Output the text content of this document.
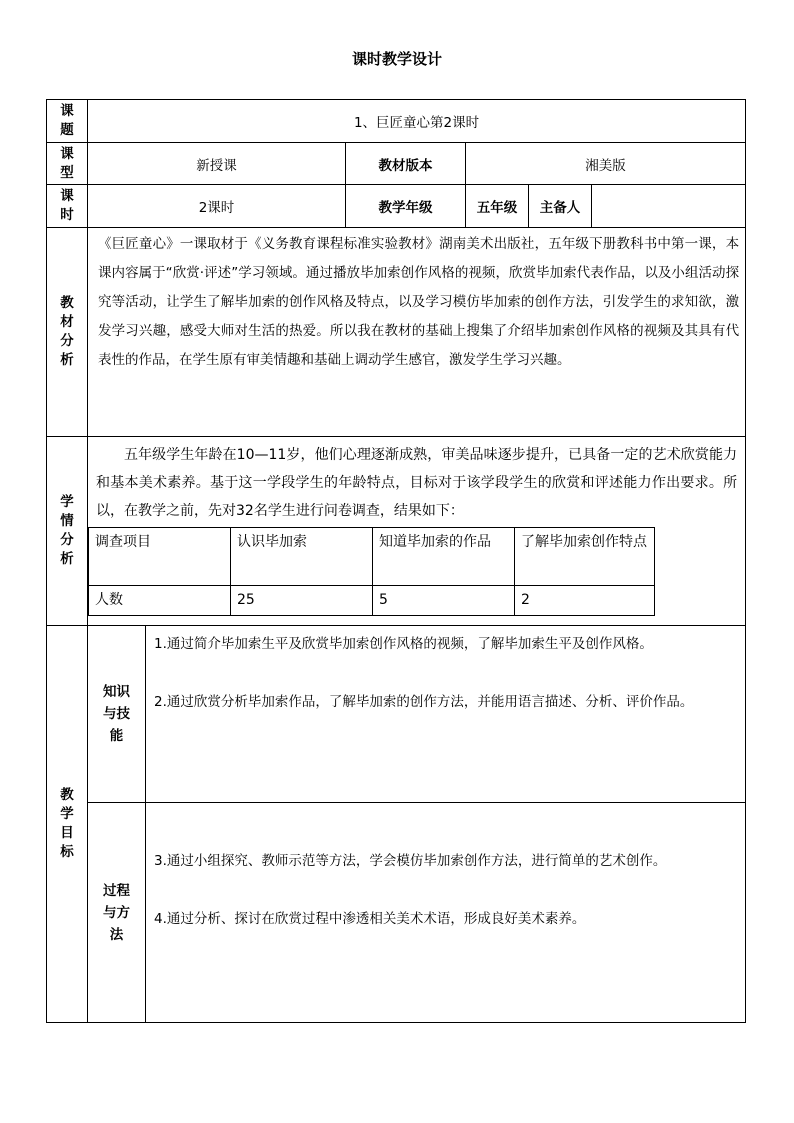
课时教学设计
课题	1、巨匠童心第2课时
课型	新授课	教材版本	湘美版
课时	2课时	教学年级	五年级	主备人	
教材分析	《巨匠童心》一课取材于《义务教育课程标准实验教材》湖南美术出版社，五年级下册教科书中第一课，本课内容属于“欣赏·评述”学习领域。通过播放毕加索创作风格的视频，欣赏毕加索代表作品，以及小组活动探究等活动，让学生了解毕加索的创作风格及特点，以及学习模仿毕加索的创作方法，引发学生的求知欲，激发学习兴趣，感受大师对生活的热爱。所以我在教材的基础上搜集了介绍毕加索创作风格的视频及其具有代表性的作品，在学生原有审美情趣和基础上调动学生感官，激发学生学习兴趣。
学情分析	
五年级学生年龄在10—11岁，他们心理逐渐成熟，审美品味逐步提升，已具备一定的艺术欣赏能力和基本美术素养。基于这一学段学生的年龄特点，目标对于该学段学生的欣赏和评述能力作出要求。所以，在教学之前，先对32名学生进行问卷调查，结果如下：
调查项目	认识毕加索	知道毕加索的作品	了解毕加索创作特点
人数	25	5	2

教学目标	知识与技能	

1.通过简介毕加索生平及欣赏毕加索创作风格的视频，了解毕加索生平及创作风格。

2.通过欣赏分析毕加索作品，了解毕加索的创作方法，并能用语言描述、分析、评价作品。

过程与方法	

3.通过小组探究、教师示范等方法，学会模仿毕加索创作方法，进行简单的艺术创作。

4.通过分析、探讨在欣赏过程中渗透相关美术术语，形成良好美术素养。
